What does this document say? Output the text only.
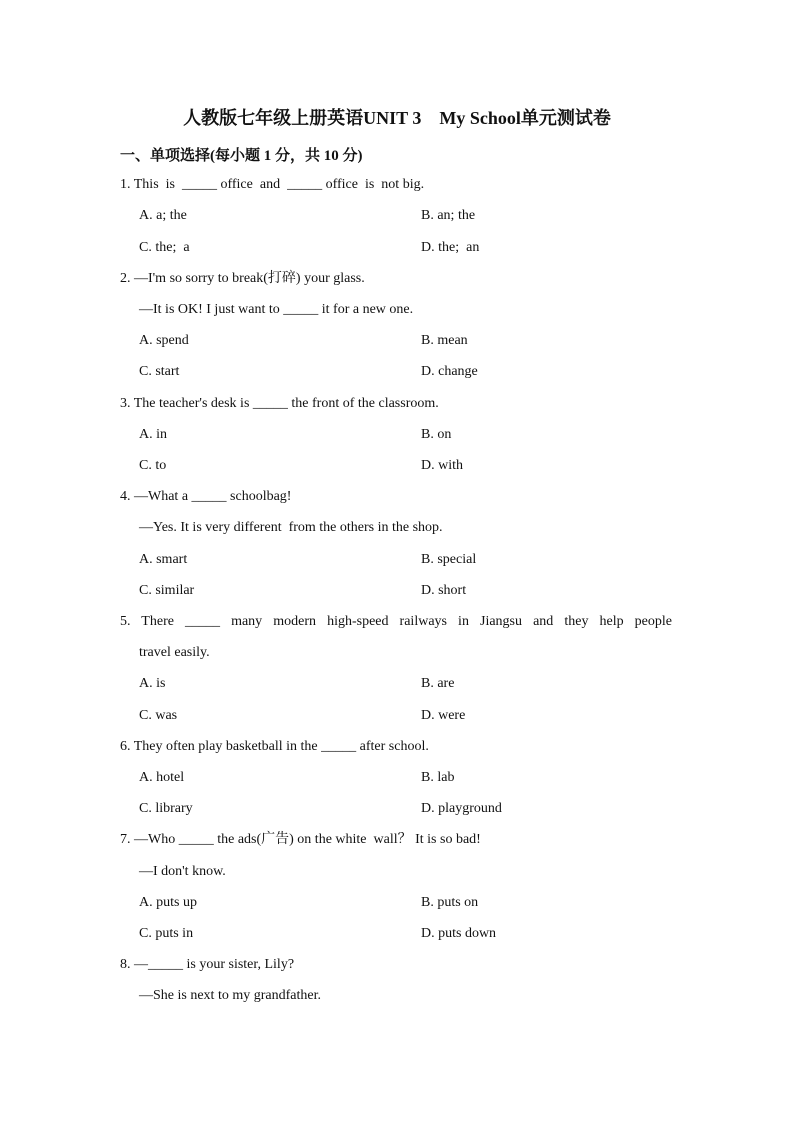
人教版七年级上册英语UNIT 3    My School单元测试卷
一、单项选择(每小题 1 分，共 10 分)
1. This  is  _____ office  and  _____ office  is  not big.
A. a; the	B. an; the
C. the;  a	D. the;  an
2. —I'm so sorry to break(打碎) your glass.
—It is OK! I just want to _____ it for a new one.
A. spend	B. mean
C. start	D. change
3. The teacher's desk is _____ the front of the classroom.
A. in	B. on
C. to	D. with
4. —What a _____ schoolbag!
—Yes. It is very different  from the others in the shop.
A. smart	B. special
C. similar	D. short
5. There _____ many modern high-speed railways in Jiangsu and they help people
travel easily.
A. is	B. are
C. was	D. were
6. They often play basketball in the _____ after school.
A. hotel	B. lab
C. library	D. playground
7. —Who _____ the ads(广告) on the white  wall？ It is so bad!
—I don't know.
A. puts up	B. puts on
C. puts in	D. puts down
8. —_____ is your sister, Lily?
—She is next to my grandfather.
